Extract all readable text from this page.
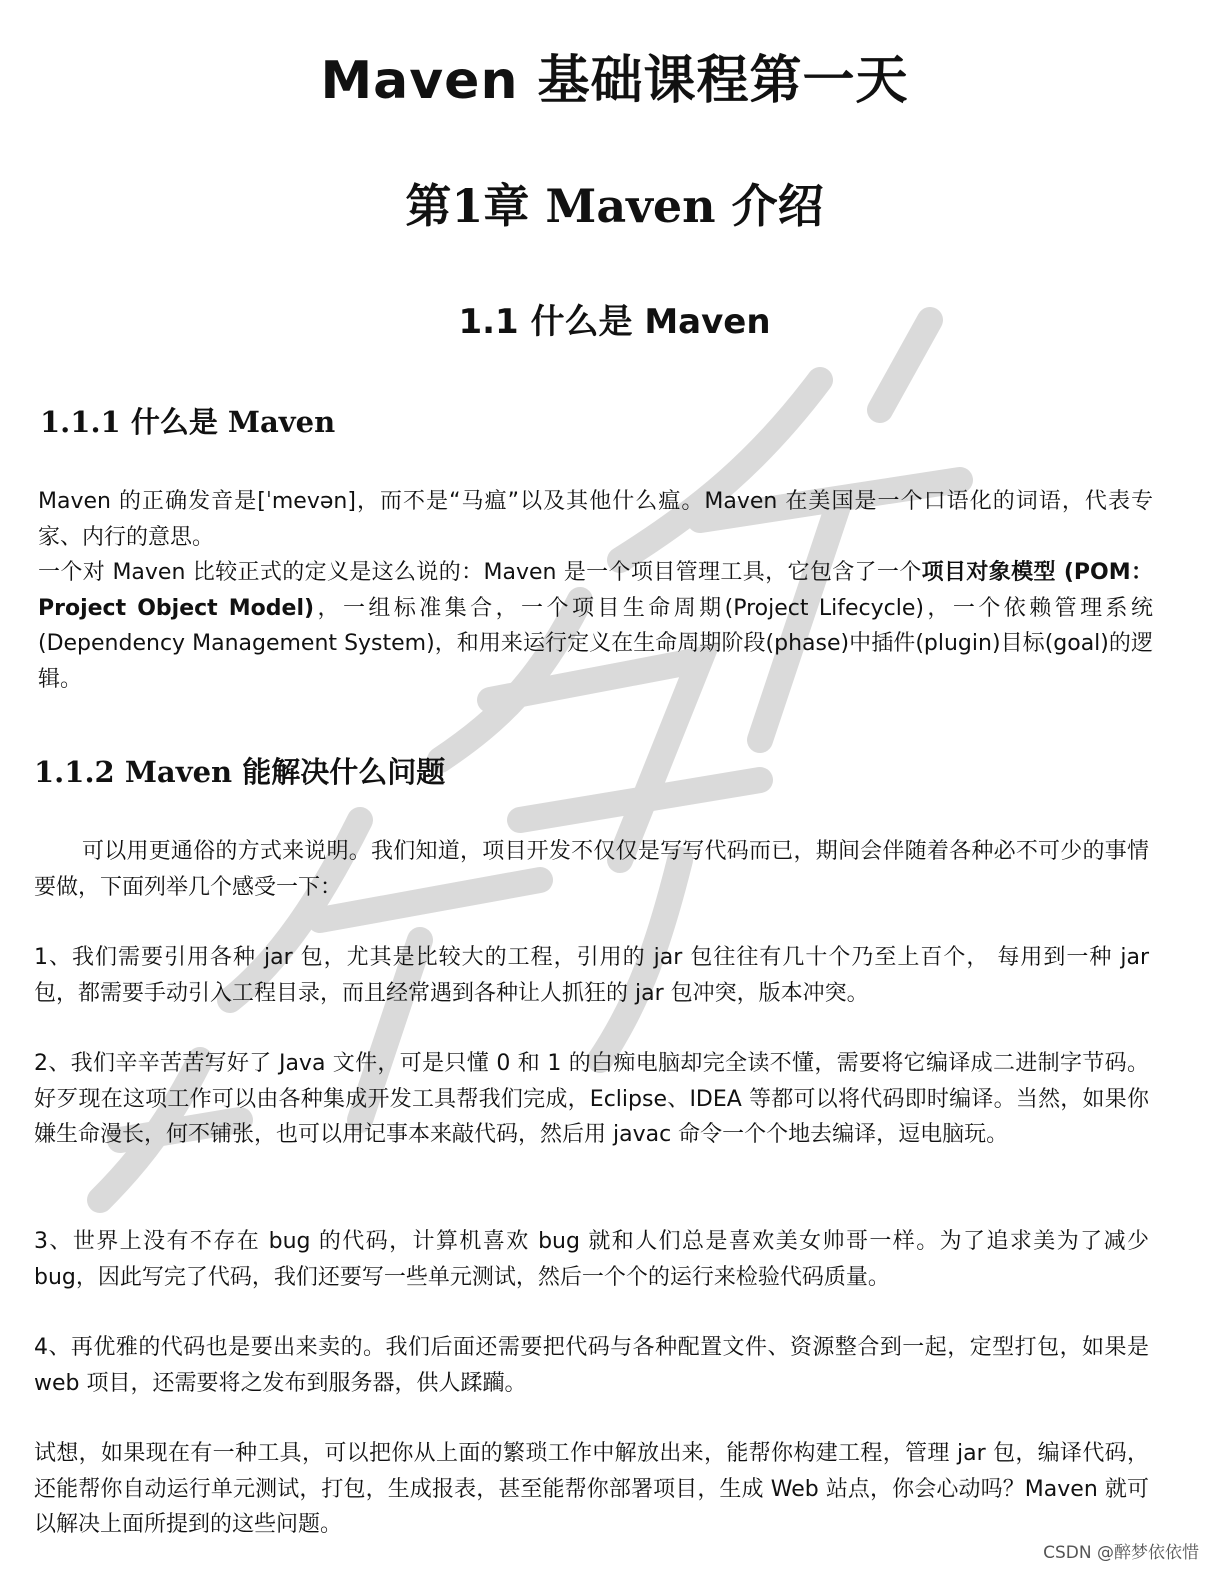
Maven 基础课程第一天
第1章 Maven 介绍
1.1 什么是 Maven
1.1.1 什么是 Maven

Maven 的正确发音是[ˈmevən]，而不是“马瘟”以及其他什么瘟。Maven 在美国是一个口语化的词语，代表专家、内行的意思。

一个对 Maven 比较正式的定义是这么说的：Maven 是一个项目管理工具，它包含了一个项目对象模型 (POM：Project Object Model)，一组标准集合，一个项目生命周期(Project Lifecycle)，一个依赖管理系统(Dependency Management System)，和用来运行定义在生命周期阶段(phase)中插件(plugin)目标(goal)的逻辑。

1.1.2 Maven 能解决什么问题

可以用更通俗的方式来说明。我们知道，项目开发不仅仅是写写代码而已，期间会伴随着各种必不可少的事情要做，下面列举几个感受一下：

1、我们需要引用各种 jar 包，尤其是比较大的工程，引用的 jar 包往往有几十个乃至上百个， 每用到一种 jar 包，都需要手动引入工程目录，而且经常遇到各种让人抓狂的 jar 包冲突，版本冲突。

2、我们辛辛苦苦写好了 Java 文件，可是只懂 0 和 1 的白痴电脑却完全读不懂，需要将它编译成二进制字节码。好歹现在这项工作可以由各种集成开发工具帮我们完成，Eclipse、IDEA 等都可以将代码即时编译。当然，如果你嫌生命漫长，何不铺张，也可以用记事本来敲代码，然后用 javac 命令一个个地去编译，逗电脑玩。

3、世界上没有不存在 bug 的代码，计算机喜欢 bug 就和人们总是喜欢美女帅哥一样。为了追求美为了减少 bug，因此写完了代码，我们还要写一些单元测试，然后一个个的运行来检验代码质量。

4、再优雅的代码也是要出来卖的。我们后面还需要把代码与各种配置文件、资源整合到一起，定型打包，如果是 web 项目，还需要将之发布到服务器，供人蹂躏。

试想，如果现在有一种工具，可以把你从上面的繁琐工作中解放出来，能帮你构建工程，管理 jar 包，编译代码，还能帮你自动运行单元测试，打包，生成报表，甚至能帮你部署项目，生成 Web 站点，你会心动吗？Maven 就可以解决上面所提到的这些问题。

CSDN @醉梦依依惜
